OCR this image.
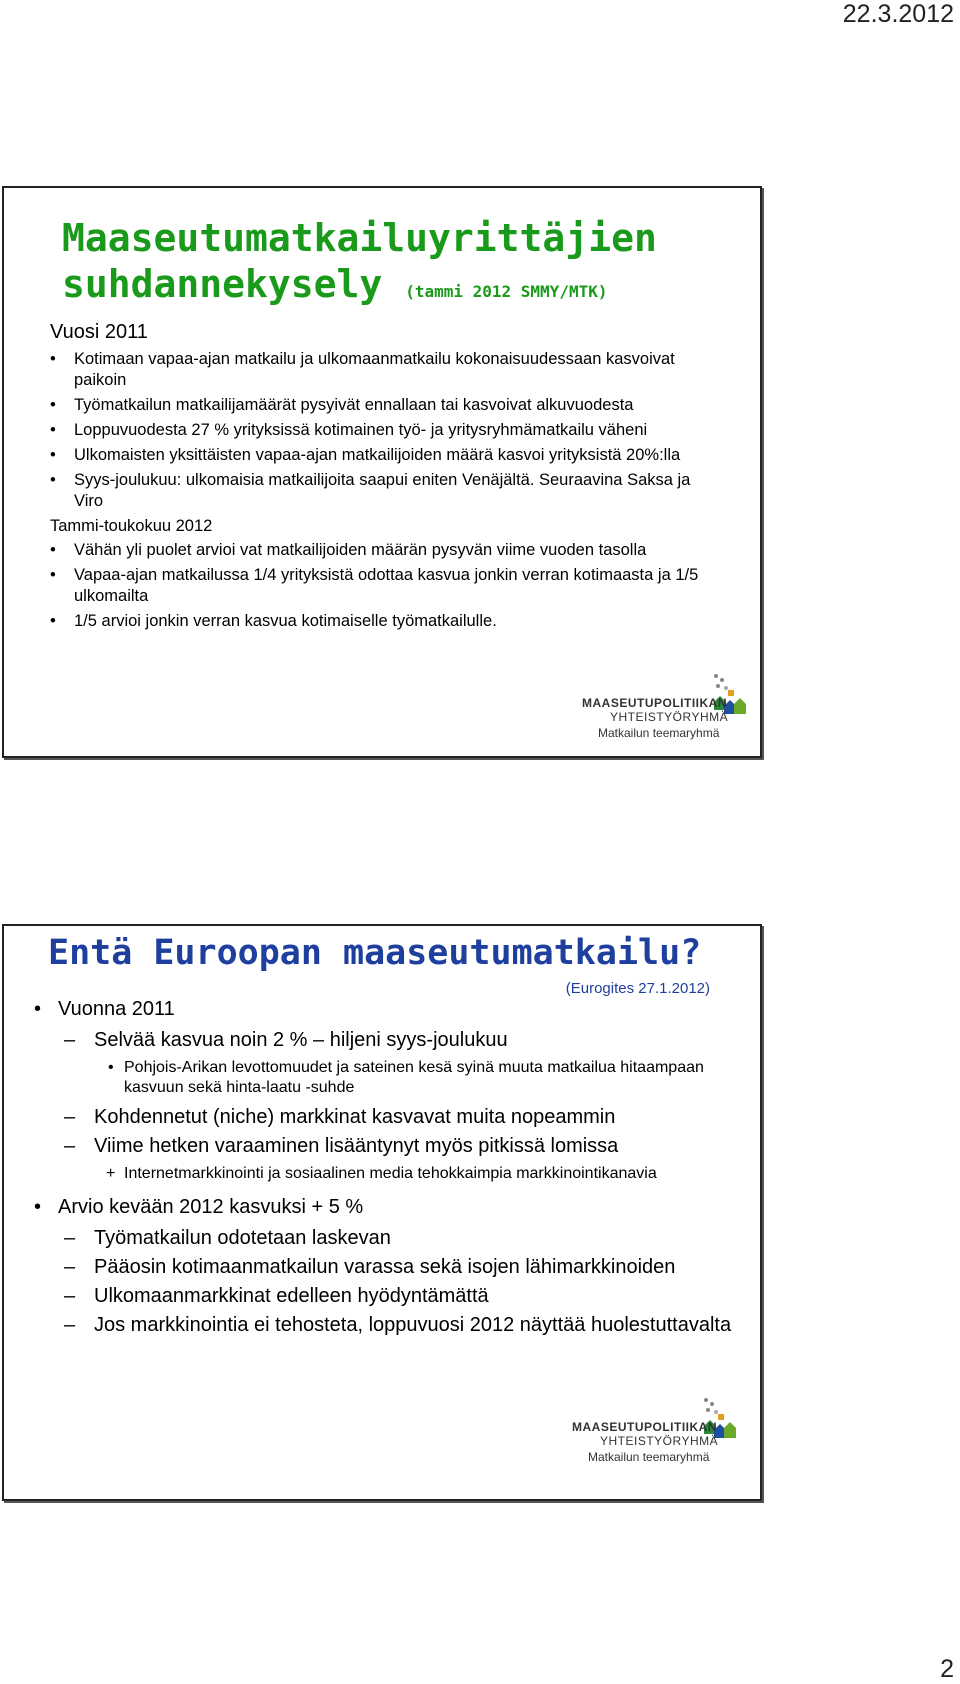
22.3.2012
Maaseutumatkailuyrittäjien suhdannekysely (tammi 2012 SMMY/MTK)

Vuosi 2011

• Kotimaan vapaa-ajan matkailu ja ulkomaanmatkailu kokonaisuudessaan kasvoivat paikoin
• Työmatkailun matkailijamäärät pysyivät ennallaan tai kasvoivat alkuvuodesta
• Loppuvuodesta 27 % yrityksissä kotimainen työ- ja yritysryhmämatkailu väheni
• Ulkomaisten yksittäisten vapaa-ajan matkailijoiden määrä kasvoi yrityksistä 20%:lla
• Syys-joulukuu: ulkomaisia matkailijoita saapui eniten Venäjältä. Seuraavina Saksa ja Viro

Tammi-toukokuu 2012

• Vähän yli puolet arvioi vat matkailijoiden määrän pysyvän viime vuoden tasolla
• Vapaa-ajan matkailussa 1/4 yrityksistä odottaa kasvua jonkin verran kotimaasta ja 1/5 ulkomailta
• 1/5 arvioi jonkin verran kasvua kotimaiselle työmatkailulle.
MAASEUTUPOLITIIKAN
YHTEISTYÖRYHMÄ
Matkailun teemaryhmä
Entä Euroopan maaseutumatkailu?
(Eurogites 27.1.2012)

• Vuonna 2011

– Selvää kasvua noin 2 % – hiljeni syys-joulukuu

• Pohjois-Arikan levottomuudet ja sateinen kesä syinä muuta matkailua hitaampaan kasvuun sekä hinta-laatu -suhde

– Kohdennetut (niche) markkinat kasvavat muita nopeammin

– Viime hetken varaaminen lisääntynyt myös pitkissä lomissa

+ Internetmarkkinointi ja sosiaalinen media tehokkaimpia markkinointikanavia

• Arvio kevään 2012 kasvuksi + 5 %

– Työmatkailun odotetaan laskevan

– Pääosin kotimaanmatkailun varassa sekä isojen lähimarkkinoiden

– Ulkomaanmarkkinat edelleen hyödyntämättä

– Jos markkinointia ei tehosteta, loppuvuosi 2012 näyttää huolestuttavalta

MAASEUTUPOLITIIKAN
YHTEISTYÖRYHMÄ
Matkailun teemaryhmä
2
